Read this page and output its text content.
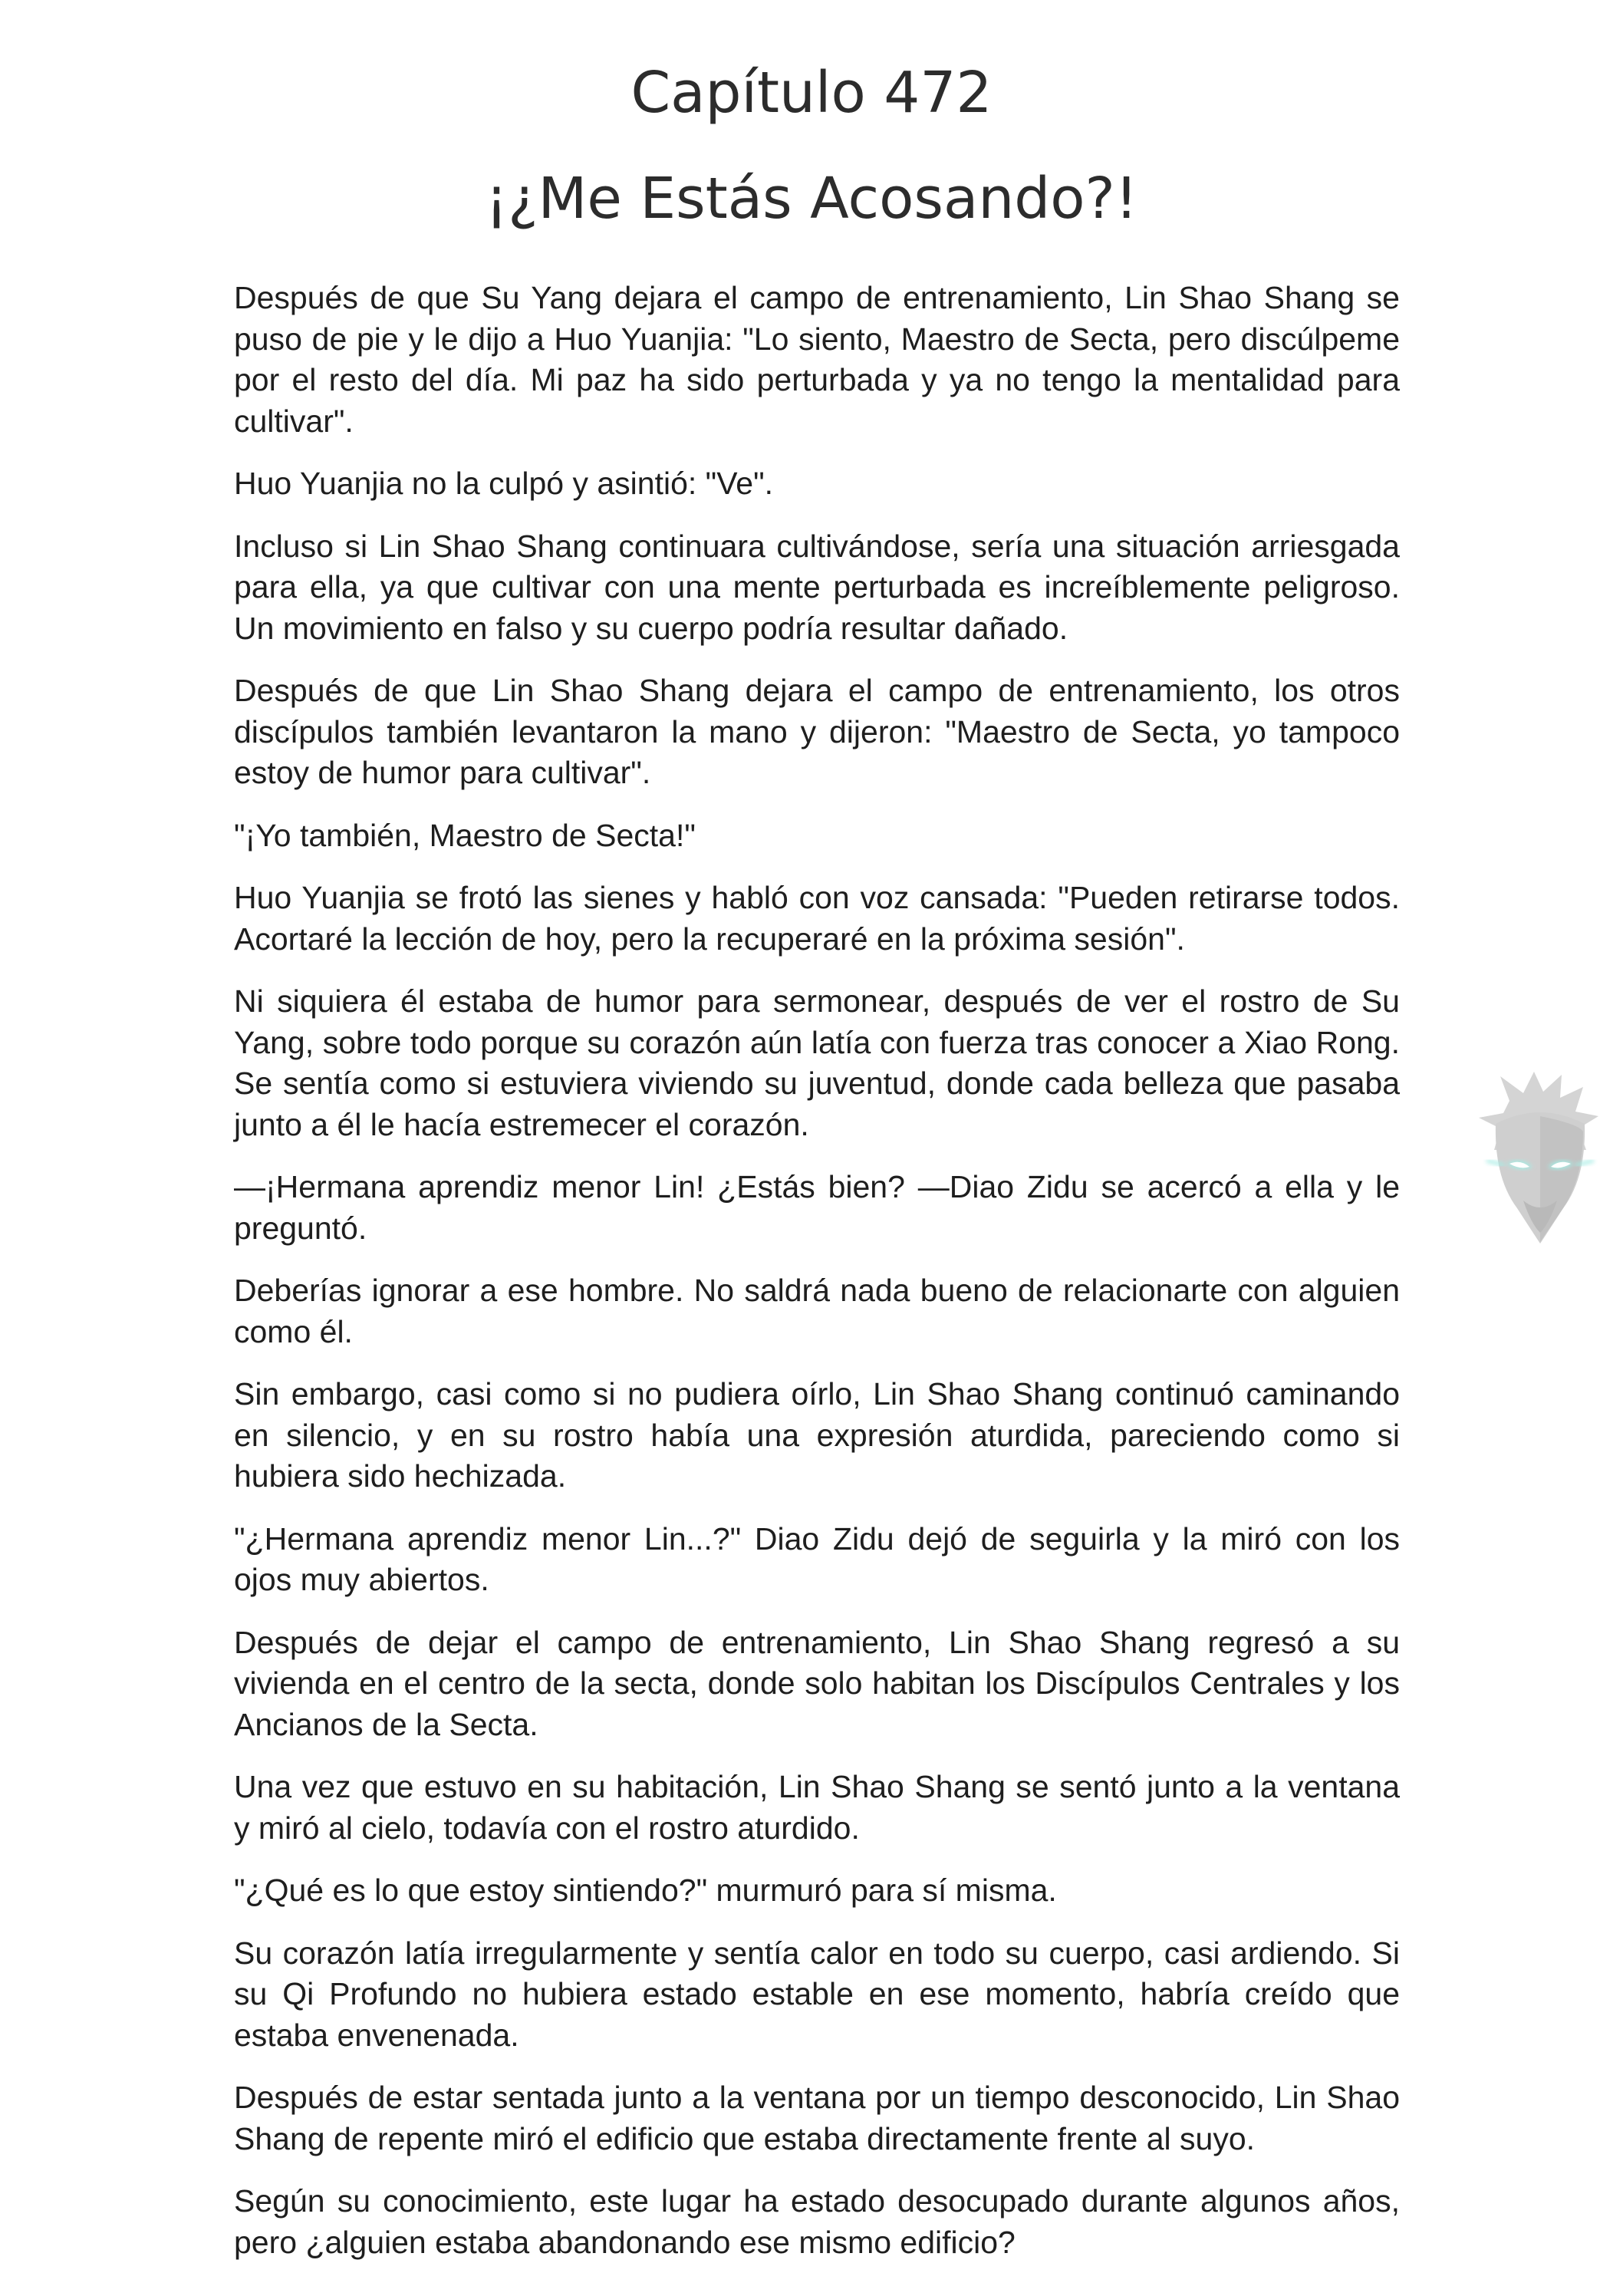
Capítulo 472
¡¿Me Estás Acosando?!

Después de que Su Yang dejara el campo de entrenamiento, Lin Shao Shang se puso de pie y le dijo a Huo Yuanjia: "Lo siento, Maestro de Secta, pero discúlpeme por el resto del día. Mi paz ha sido perturbada y ya no tengo la mentalidad para cultivar".

Huo Yuanjia no la culpó y asintió: "Ve".

Incluso si Lin Shao Shang continuara cultivándose, sería una situación arriesgada para ella, ya que cultivar con una mente perturbada es increíblemente peligroso. Un movimiento en falso y su cuerpo podría resultar dañado.

Después de que Lin Shao Shang dejara el campo de entrenamiento, los otros discípulos también levantaron la mano y dijeron: "Maestro de Secta, yo tampoco estoy de humor para cultivar".

"¡Yo también, Maestro de Secta!"

Huo Yuanjia se frotó las sienes y habló con voz cansada: "Pueden retirarse todos. Acortaré la lección de hoy, pero la recuperaré en la próxima sesión".

Ni siquiera él estaba de humor para sermonear, después de ver el rostro de Su Yang, sobre todo porque su corazón aún latía con fuerza tras conocer a Xiao Rong. Se sentía como si estuviera viviendo su juventud, donde cada belleza que pasaba junto a él le hacía estremecer el corazón.

—¡Hermana aprendiz menor Lin! ¿Estás bien? —Diao Zidu se acercó a ella y le preguntó.

Deberías ignorar a ese hombre. No saldrá nada bueno de relacionarte con alguien como él.

Sin embargo, casi como si no pudiera oírlo, Lin Shao Shang continuó caminando en silencio, y en su rostro había una expresión aturdida, pareciendo como si hubiera sido hechizada.

"¿Hermana aprendiz menor Lin...?" Diao Zidu dejó de seguirla y la miró con los ojos muy abiertos.

Después de dejar el campo de entrenamiento, Lin Shao Shang regresó a su vivienda en el centro de la secta, donde solo habitan los Discípulos Centrales y los Ancianos de la Secta.

Una vez que estuvo en su habitación, Lin Shao Shang se sentó junto a la ventana y miró al cielo, todavía con el rostro aturdido.

"¿Qué es lo que estoy sintiendo?" murmuró para sí misma.

Su corazón latía irregularmente y sentía calor en todo su cuerpo, casi ardiendo. Si su Qi Profundo no hubiera estado estable en ese momento, habría creído que estaba envenenada.

Después de estar sentada junto a la ventana por un tiempo desconocido, Lin Shao Shang de repente miró el edificio que estaba directamente frente al suyo.

Según su conocimiento, este lugar ha estado desocupado durante algunos años, pero ¿alguien estaba abandonando ese mismo edificio?
